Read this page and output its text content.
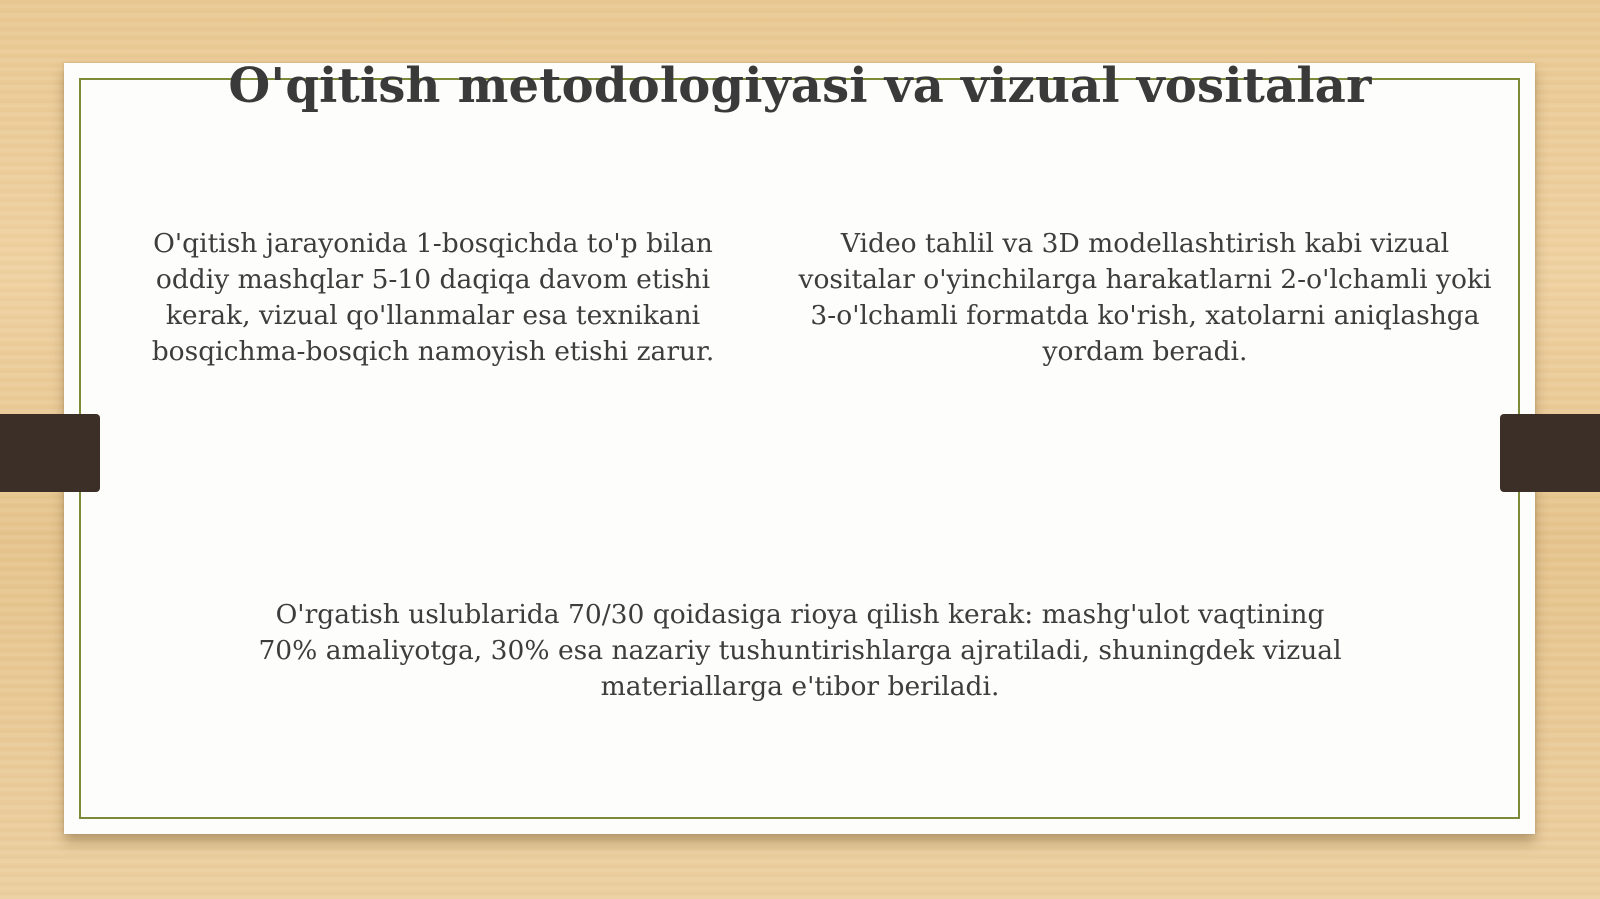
O'qitish metodologiyasi va vizual vositalar
O'qitish jarayonida 1-bosqichda to'p bilan oddiy mashqlar 5-10 daqiqa davom etishi kerak, vizual qo'llanmalar esa texnikani bosqichma-bosqich namoyish etishi zarur.
Video tahlil va 3D modellashtirish kabi vizual vositalar o'yinchilarga harakatlarni 2-o'lchamli yoki 3-o'lchamli formatda ko'rish, xatolarni aniqlashga yordam beradi.
O'rgatish uslublarida 70/30 qoidasiga rioya qilish kerak: mashg'ulot vaqtining 70% amaliyotga, 30% esa nazariy tushuntirishlarga ajratiladi, shuningdek vizual materiallarga e'tibor beriladi.
